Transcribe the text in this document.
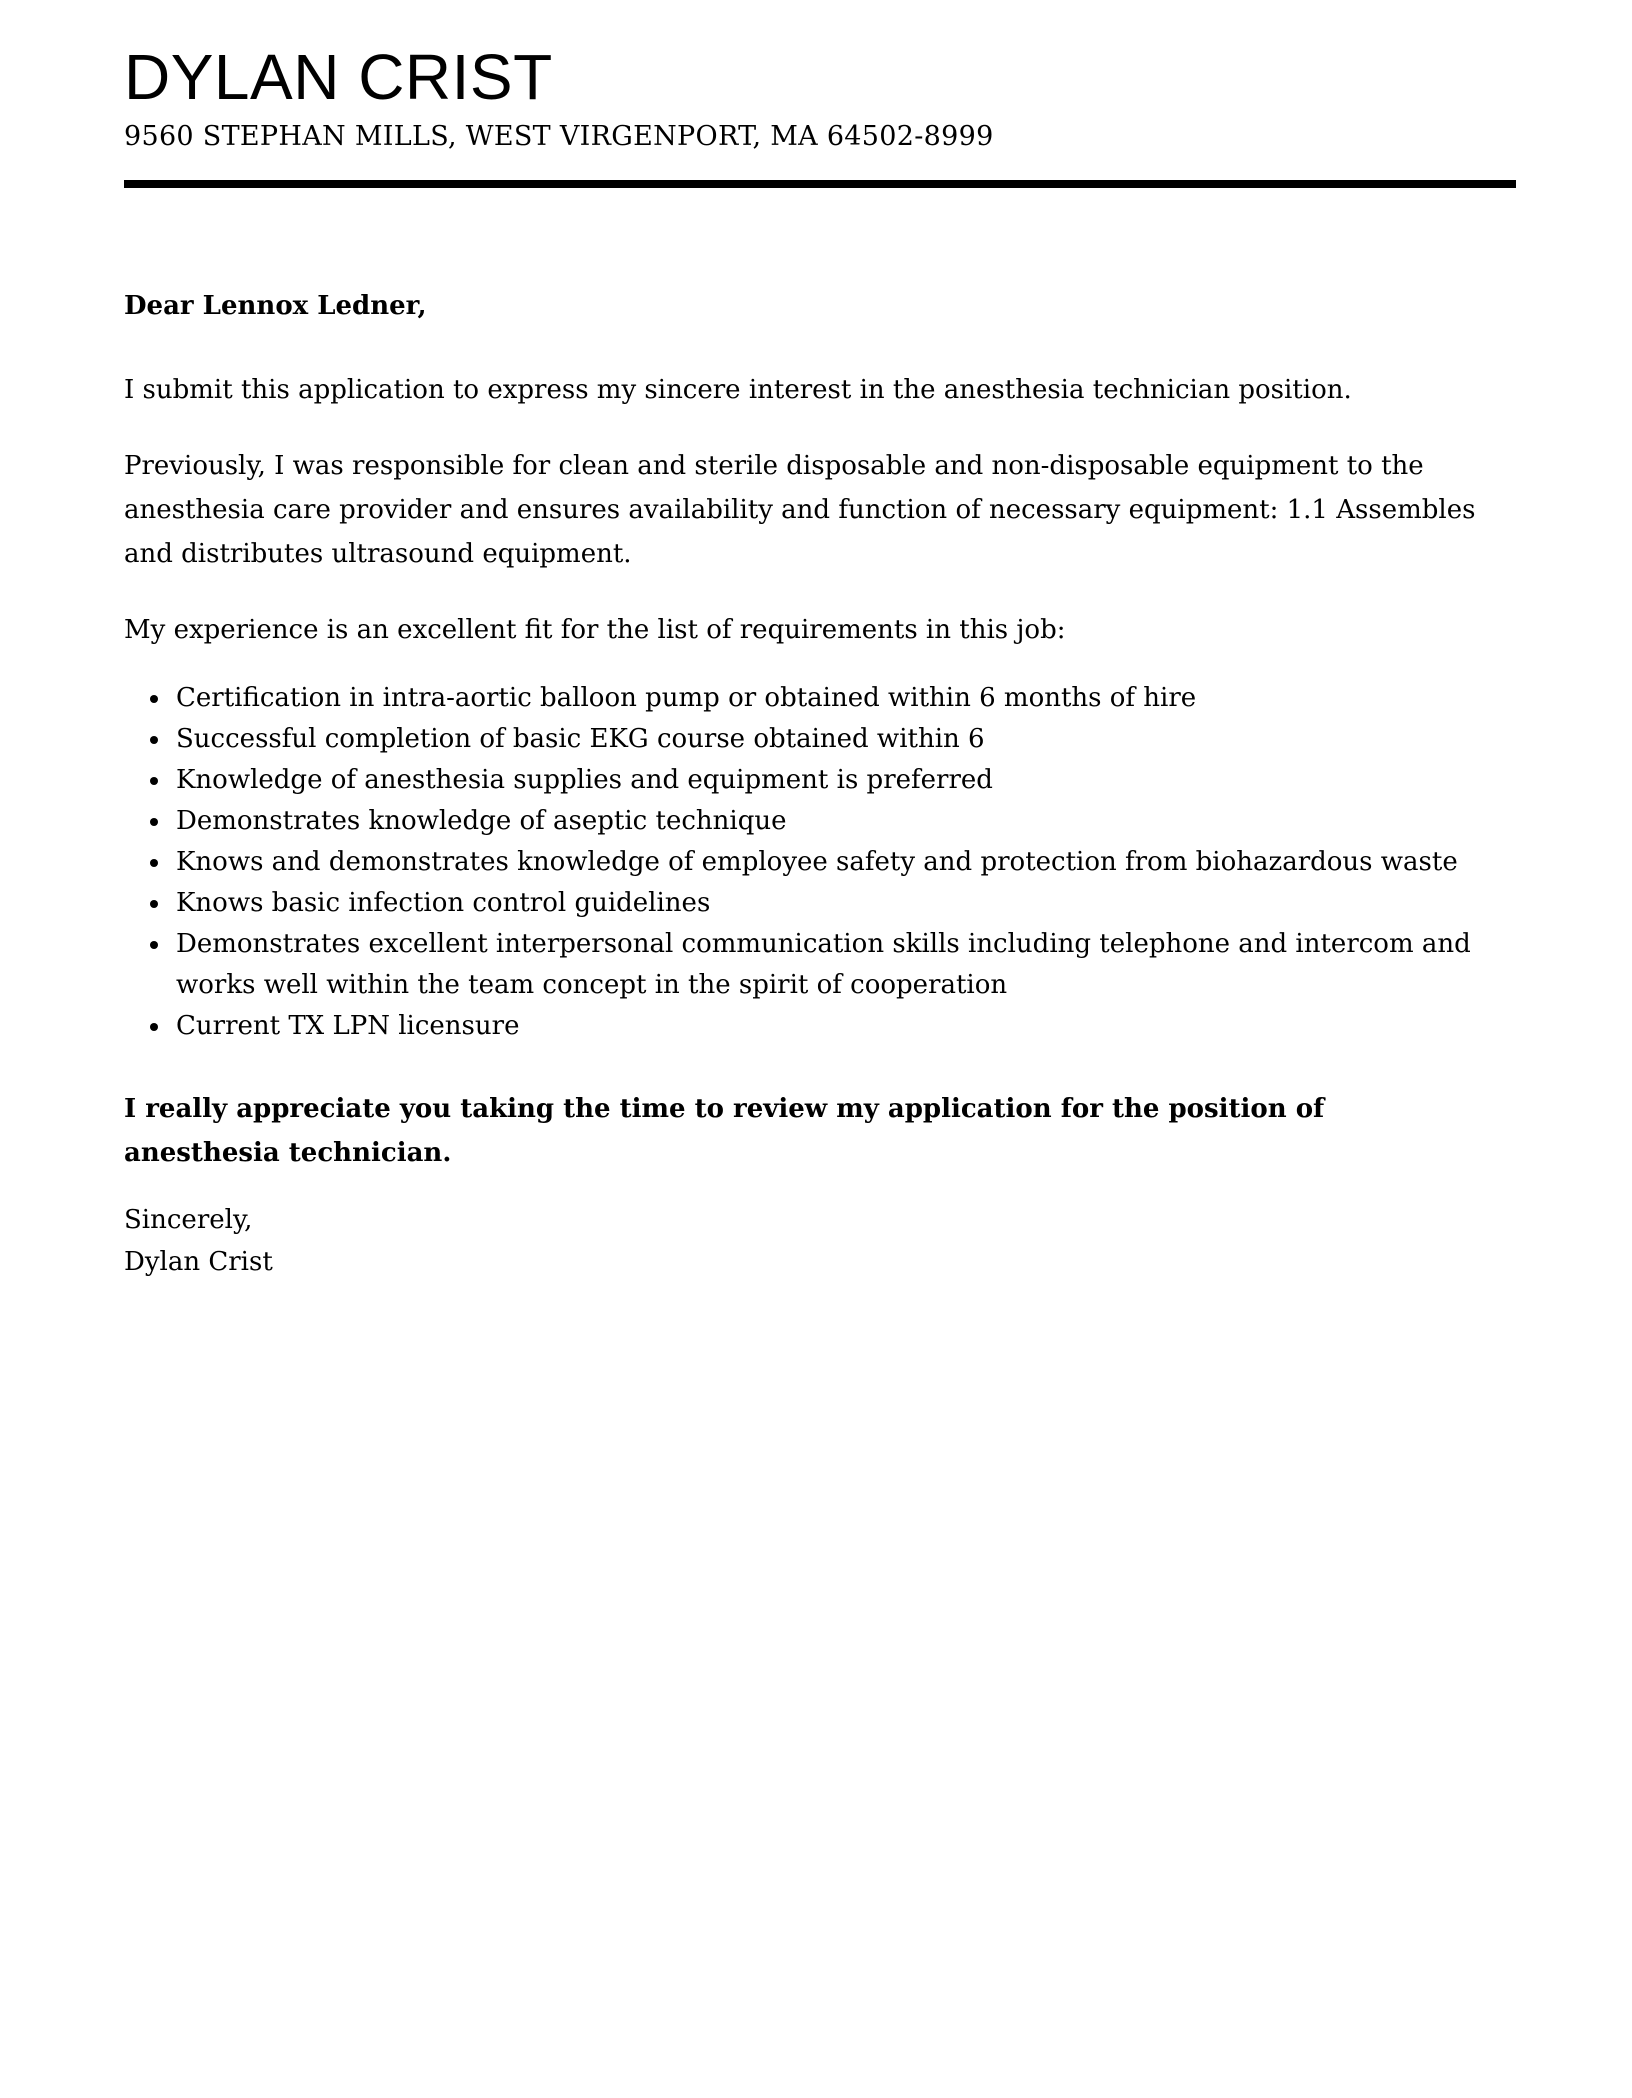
DYLAN CRIST

9560 STEPHAN MILLS, WEST VIRGENPORT, MA 64502-8999

Dear Lennox Ledner,

I submit this application to express my sincere interest in the anesthesia technician position.

Previously, I was responsible for clean and sterile disposable and non-disposable equipment to the anesthesia care provider and ensures availability and function of necessary equipment: 1.1 Assembles and distributes ultrasound equipment.

My experience is an excellent fit for the list of requirements in this job:

• Certification in intra-aortic balloon pump or obtained within 6 months of hire
• Successful completion of basic EKG course obtained within 6
• Knowledge of anesthesia supplies and equipment is preferred
• Demonstrates knowledge of aseptic technique
• Knows and demonstrates knowledge of employee safety and protection from biohazardous waste
• Knows basic infection control guidelines
• Demonstrates excellent interpersonal communication skills including telephone and intercom and works well within the team concept in the spirit of cooperation
• Current TX LPN licensure

I really appreciate you taking the time to review my application for the position of anesthesia technician.

Sincerely,

Dylan Crist
